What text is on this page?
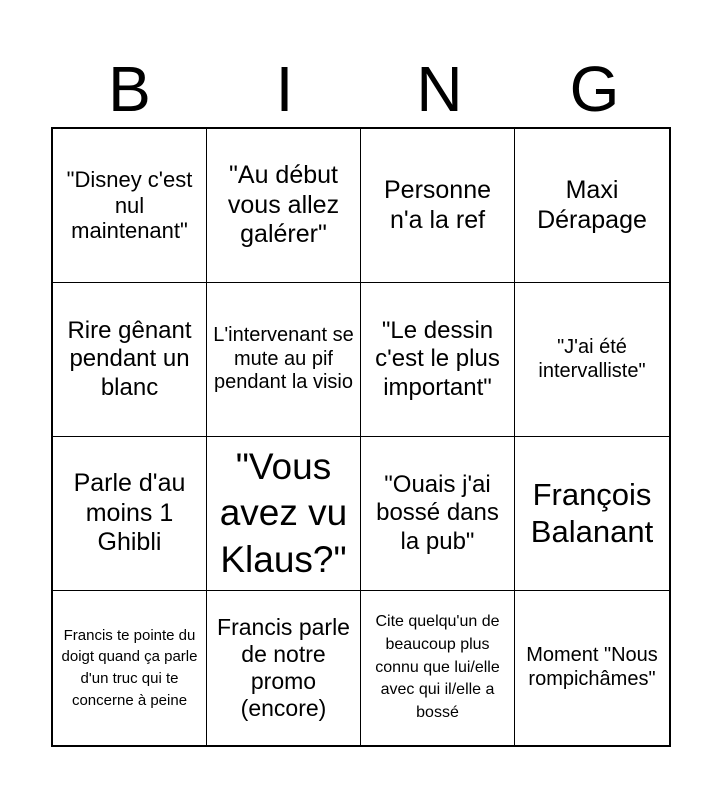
B	I	N	G
"Disney c'est nul maintenant"
"Au début vous allez galérer"
Personne n'a la ref
Maxi Dérapage
Rire gênant pendant un blanc
L'intervenant se mute au pif pendant la visio
"Le dessin c'est le plus important"
"J'ai été intervalliste"
Parle d'au moins 1 Ghibli
"Vous avez vu Klaus?"
"Ouais j'ai bossé dans la pub"
François Balanant
Francis te pointe du doigt quand ça parle d'un truc qui te concerne à peine
Francis parle de notre promo (encore)
Cite quelqu'un de beaucoup plus connu que lui/elle avec qui il/elle a bossé
Moment "Nous rompichâmes"
